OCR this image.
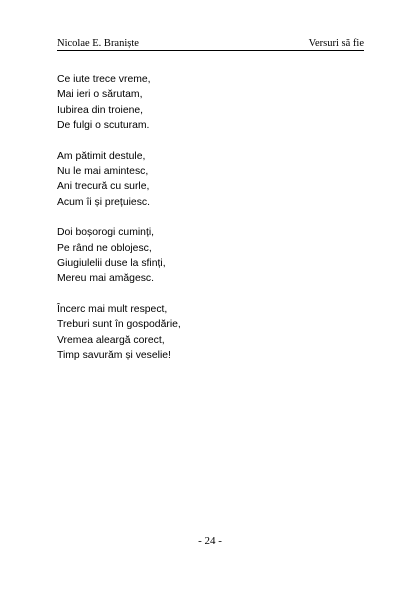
Nicolae E. Braniște	Versuri să fie
Ce iute trece vreme,
Mai ieri o sărutam,
Iubirea din troiene,
De fulgi o scuturam.
Am pătimit destule,
Nu le mai amintesc,
Ani trecură cu surle,
Acum îi și prețuiesc.
Doi boșorogi cuminți,
Pe rând ne oblojesc,
Giugiulelii duse la sfinți,
Mereu mai amăgesc.
Încerc mai mult respect,
Treburi sunt în gospodărie,
Vremea aleargă corect,
Timp savurăm și veselie!
- 24 -
